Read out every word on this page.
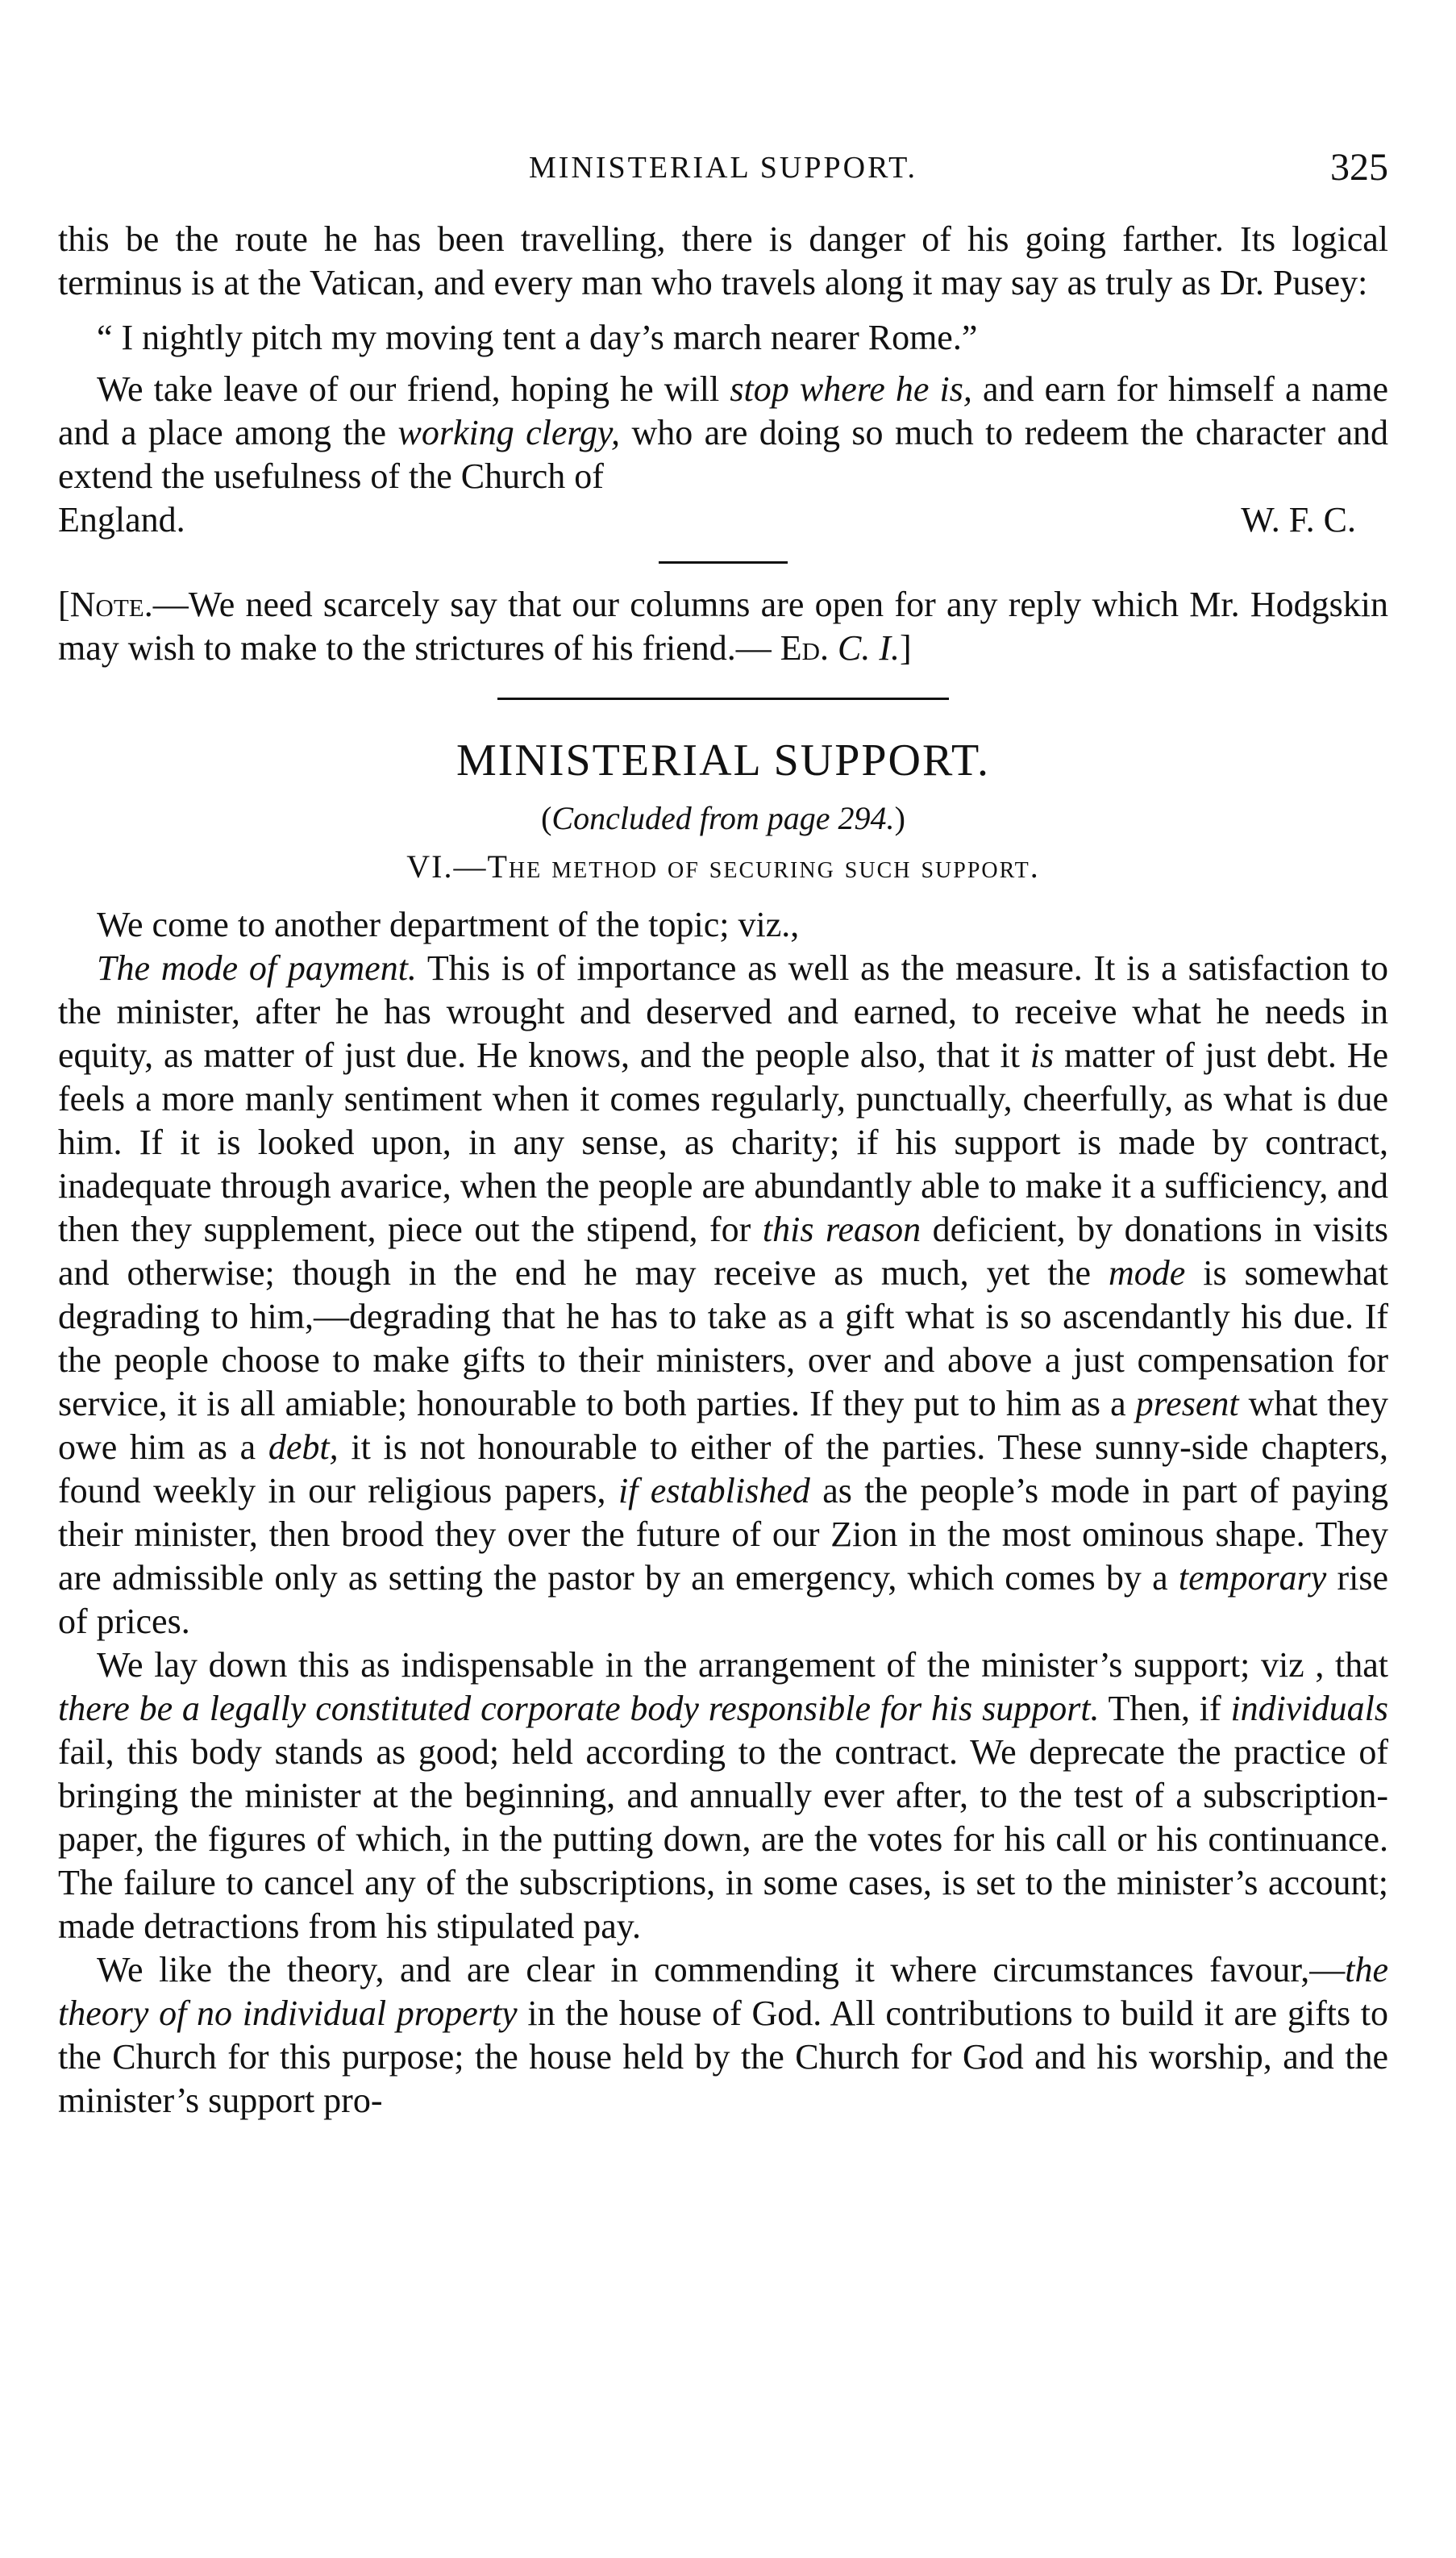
MINISTERIAL SUPPORT.	325

this be the route he has been travelling, there is danger of his going farther. Its logical terminus is at the Vatican, and every man who travels along it may say as truly as Dr. Pusey:

“ I nightly pitch my moving tent a day’s march nearer Rome.”

We take leave of our friend, hoping he will stop where he is, and earn for himself a name and a place among the working clergy, who are doing so much to redeem the character and extend the usefulness of the Church of

England.	W. F. C.

[Note.—We need scarcely say that our columns are open for any reply which Mr. Hodgskin may wish to make to the strictures of his friend.— Ed. C. I.]

MINISTERIAL SUPPORT.

(Concluded from page 294.)

VI.—The method of securing such support.

We come to another department of the topic; viz.,

The mode of payment. This is of importance as well as the measure. It is a satisfaction to the minister, after he has wrought and deserved and earned, to receive what he needs in equity, as matter of just due. He knows, and the people also, that it is matter of just debt. He feels a more manly sentiment when it comes regularly, punctually, cheerfully, as what is due him. If it is looked upon, in any sense, as charity; if his support is made by contract, inadequate through avarice, when the people are abundantly able to make it a sufficiency, and then they supplement, piece out the stipend, for this reason deficient, by donations in visits and otherwise; though in the end he may receive as much, yet the mode is somewhat degrading to him,—degrading that he has to take as a gift what is so ascendantly his due. If the people choose to make gifts to their ministers, over and above a just compensation for service, it is all amiable; honourable to both parties. If they put to him as a present what they owe him as a debt, it is not honourable to either of the parties. These sunny-side chapters, found weekly in our religious papers, if established as the people’s mode in part of paying their minister, then brood they over the future of our Zion in the most ominous shape. They are admissible only as setting the pastor by an emergency, which comes by a temporary rise of prices.

We lay down this as indispensable in the arrangement of the minister’s support; viz , that there be a legally constituted corporate body responsible for his support. Then, if individuals fail, this body stands as good; held according to the contract. We deprecate the practice of bringing the minister at the beginning, and annually ever after, to the test of a subscription-paper, the figures of which, in the putting down, are the votes for his call or his continuance. The failure to cancel any of the subscriptions, in some cases, is set to the minister’s account; made detractions from his stipulated pay.

We like the theory, and are clear in commending it where circumstances favour,—the theory of no individual property in the house of God. All contributions to build it are gifts to the Church for this purpose; the house held by the Church for God and his worship, and the minister’s support pro-
